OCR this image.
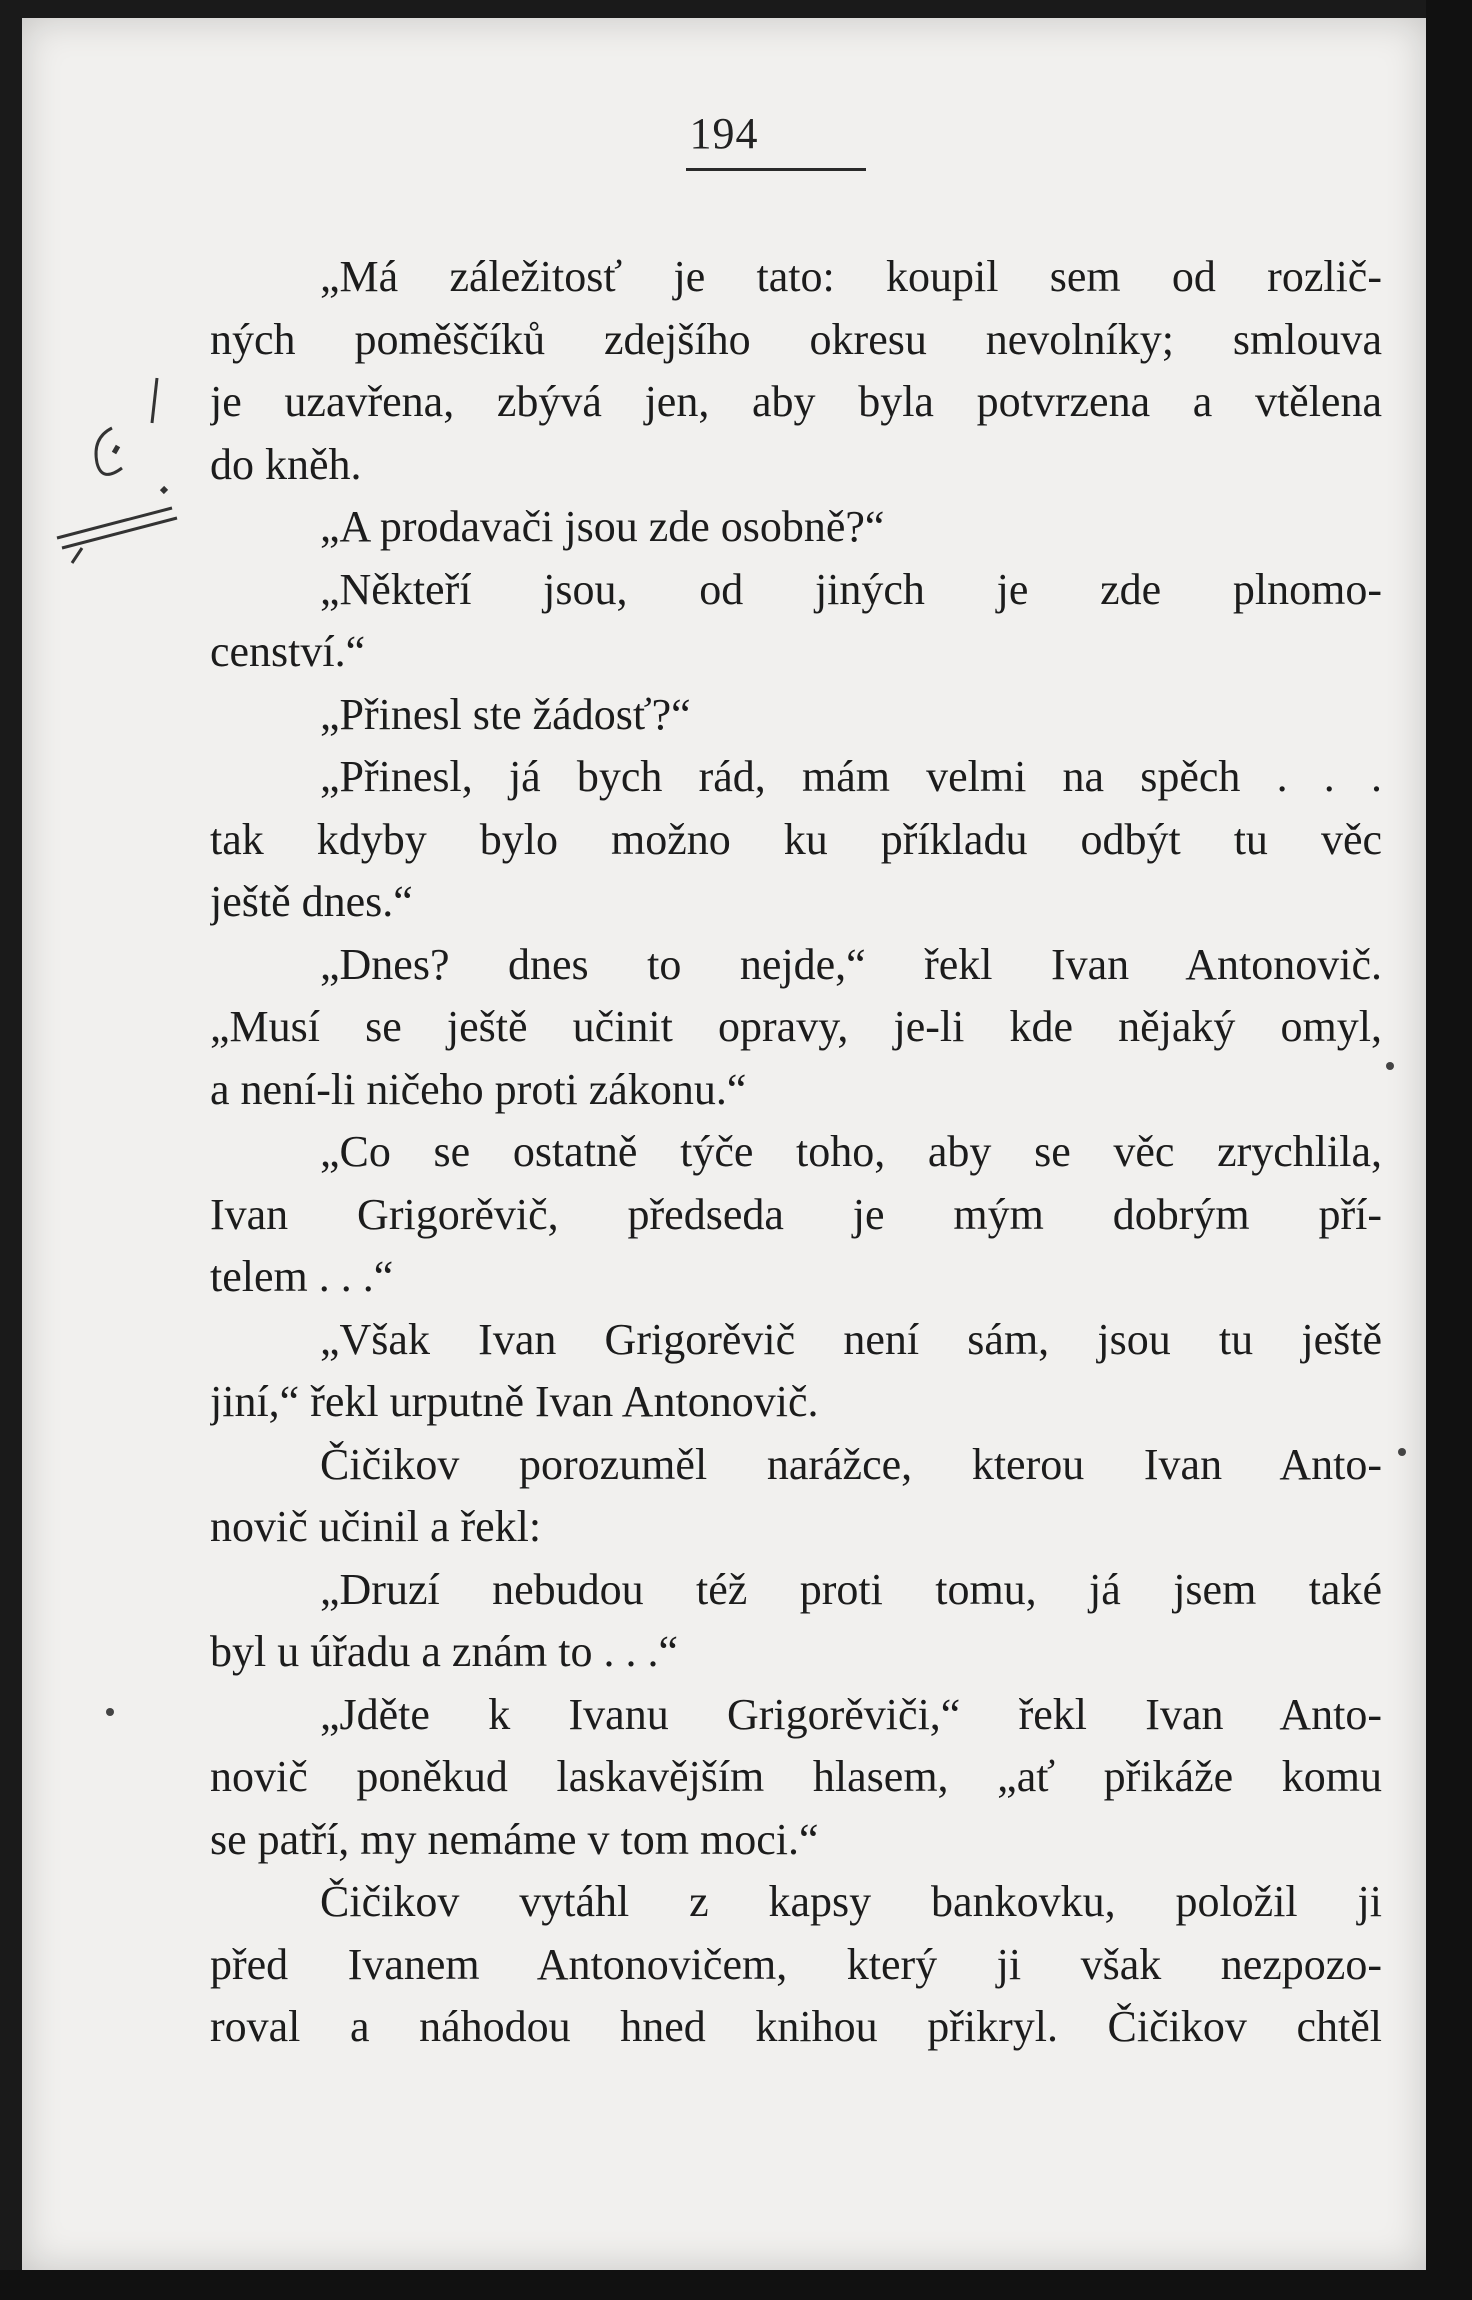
194
„Má záležitosť je tato: koupil sem od rozlič-
ných poměščíků zdejšího okresu nevolníky; smlouva
je uzavřena, zbývá jen, aby byla potvrzena a vtělena
do kněh.
„A prodavači jsou zde osobně?“
„Někteří jsou, od jiných je zde plnomo-
cenství.“
„Přinesl ste žádosť?“
„Přinesl, já bych rád, mám velmi na spěch . . .
tak kdyby bylo možno ku příkladu odbýt tu věc
ještě dnes.“
„Dnes? dnes to nejde,“ řekl Ivan Antonovič.
„Musí se ještě učinit opravy, je-li kde nějaký omyl,
a není-li ničeho proti zákonu.“
„Co se ostatně týče toho, aby se věc zrychlila,
Ivan Grigorěvič, předseda je mým dobrým pří-
telem . . .“
„Však Ivan Grigorěvič není sám, jsou tu ještě
jiní,“ řekl urputně Ivan Antonovič.
Čičikov porozuměl narážce, kterou Ivan Anto-
novič učinil a řekl:
„Druzí nebudou též proti tomu, já jsem také
byl u úřadu a znám to . . .“
„Jděte k Ivanu Grigorěviči,“ řekl Ivan Anto-
novič poněkud laskavějším hlasem, „ať přikáže komu
se patří, my nemáme v tom moci.“
Čičikov vytáhl z kapsy bankovku, položil ji
před Ivanem Antonovičem, který ji však nezpozo-
roval a náhodou hned knihou přikryl. Čičikov chtěl
